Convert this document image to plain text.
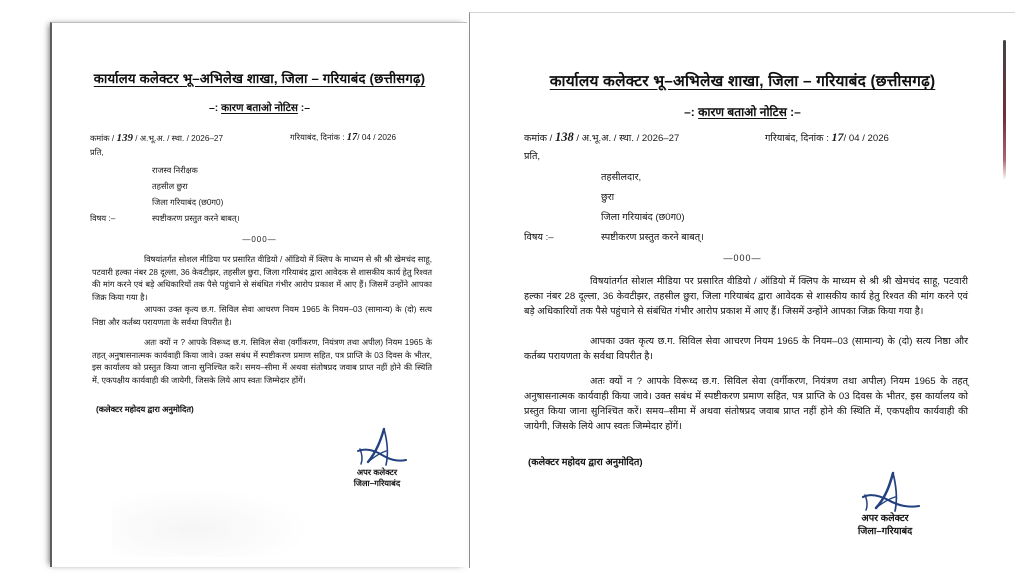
कार्यालय कलेक्टर भू–अभिलेख शाखा, जिला – गरियाबंद (छत्तीसगढ़)
–: कारण बताओ नोटिस :–
कमांक / 139 / अ.भू.अ. / स्था. / 2026–27	गरियाबंद, दिनांक : 17/ 04 / 2026
प्रति,
राजस्व निरीक्षक
तहसील छुरा
जिला गरियाबंद (छ0ग0)
विषय :–	स्पष्टीकरण प्रस्तुत करने बाबत्।
—000—
विषयांतर्गत सोशल मीडिया पर प्रसारित वीडियो / ऑडियो में क्लिप के माध्यम से श्री श्री खेमचंद साहू, पटवारी हल्का नंबर 28 दूल्ला, 36 केवटीझर, तहसील छुरा, जिला गरियाबंद द्वारा आवेदक से शासकीय कार्य हेतु रिश्वत की मांग करने एवं बड़े अधिकारियों तक पैसे पहुंचाने से संबंधित गंभीर आरोप प्रकाश में आए हैं। जिसमें उन्होंने आपका जिक्र किया गया है।
आपका उक्त कृत्य छ.ग. सिविल सेवा आचरण नियम 1965 के नियम–03 (सामान्य) के (दो) सत्य निष्ठा और कर्तब्य परायणता के सर्वथा विपरीत है।
अतः क्यों न ? आपके विरूध्द छ.ग. सिविल सेवा (वर्गीकरण, नियंत्रण तथा अपील) नियम 1965 के तहत् अनुषासनात्मक कार्यवाही किया जावे। उक्त सबंध में स्पष्टीकरण प्रमाण सहित, पत्र प्राप्ति के 03 दिवस के भीतर, इस कार्यालय को प्रस्तुत किया जाना सुनिश्चित करें। समय–सीमा में अथवा संतोषप्रद जवाब प्राप्त नहीं होने की स्थिति में, एकपक्षीय कार्यवाही की जायेगी, जिसके लिये आप स्वतः जिम्मेदार होंगें।
(कलेक्टर महोदय द्वारा अनुमोदित)
अपर कलेक्टर
जिला–गरियाबंद
कार्यालय कलेक्टर भू–अभिलेख शाखा, जिला – गरियाबंद (छत्तीसगढ़)
–: कारण बताओ नोटिस :–
कमांक / 138 / अ.भू.अ. / स्था. / 2026–27	गरियाबंद, दिनांक : 17/ 04 / 2026
प्रति,
तहसीलदार,
छुरा
जिला गरियाबंद (छ0ग0)
विषय :–	स्पष्टीकरण प्रस्तुत करने बाबत्।
—000—
विषयांतर्गत सोशल मीडिया पर प्रसारित वीडियो / ऑडियो में क्लिप के माध्यम से श्री श्री खेमचंद साहू, पटवारी हल्का नंबर 28 दूल्ला, 36 केवटीझर, तहसील छुरा, जिला गरियाबंद द्वारा आवेदक से शासकीय कार्य हेतु रिश्वत की मांग करने एवं बड़े अधिकारियों तक पैसे पहुंचाने से संबंधित गंभीर आरोप प्रकाश में आए हैं। जिसमें उन्होंने आपका जिक्र किया गया है।
आपका उक्त कृत्य छ.ग. सिविल सेवा आचरण नियम 1965 के नियम–03 (सामान्य) के (दो) सत्य निष्ठा और कर्तब्य परायणता के सर्वथा विपरीत है।
अतः क्यों न ? आपके विरूध्द छ.ग. सिविल सेवा (वर्गीकरण, नियंत्रण तथा अपील) नियम 1965 के तहत् अनुषासनात्मक कार्यवाही किया जावे। उक्त सबंध में स्पष्टीकरण प्रमाण सहित, पत्र प्राप्ति के 03 दिवस के भीतर, इस कार्यालय को प्रस्तुत किया जाना सुनिश्चित करें। समय–सीमा में अथवा संतोषप्रद जवाब प्राप्त नहीं होने की स्थिति में, एकपक्षीय कार्यवाही की जायेगी, जिसके लिये आप स्वतः जिम्मेदार होंगें।
(कलेक्टर महोदय द्वारा अनुमोदित)
अपर कलेक्टर
जिला–गरियाबंद
